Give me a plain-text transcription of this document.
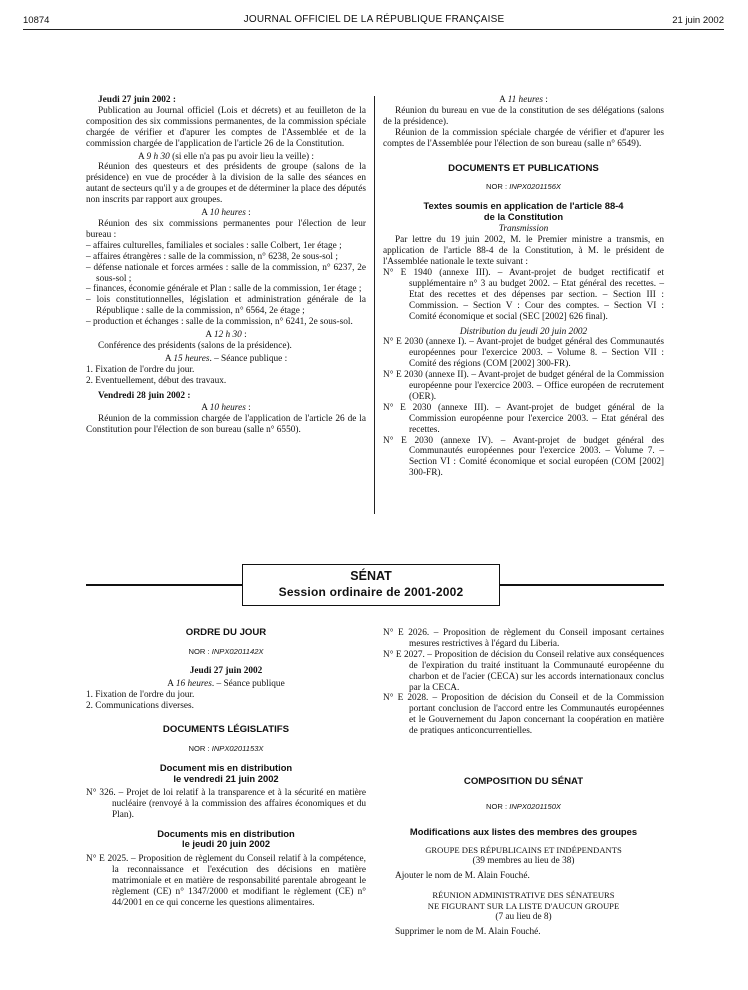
10874	JOURNAL OFFICIEL DE LA RÉPUBLIQUE FRANÇAISE	21 juin 2002

Jeudi 27 juin 2002 :

Publication au Journal officiel (Lois et décrets) et au feuilleton de la composition des six commissions permanentes, de la commission spéciale chargée de vérifier et d'apurer les comptes de l'Assemblée et de la commission chargée de l'application de l'article 26 de la Constitution.

A 9 h 30 (si elle n'a pas pu avoir lieu la veille) :

Réunion des questeurs et des présidents de groupe (salons de la présidence) en vue de procéder à la division de la salle des séances en autant de secteurs qu'il y a de groupes et de déterminer la place des députés non inscrits par rapport aux groupes.

A 10 heures :

Réunion des six commissions permanentes pour l'élection de leur bureau :

– affaires culturelles, familiales et sociales : salle Colbert, 1er étage ;
– affaires étrangères : salle de la commission, n° 6238, 2e sous-sol ;
– défense nationale et forces armées : salle de la commission, n° 6237, 2e sous-sol ;
– finances, économie générale et Plan : salle de la commission, 1er étage ;
– lois constitutionnelles, législation et administration générale de la République : salle de la commission, n° 6564, 2e étage ;
– production et échanges : salle de la commission, n° 6241, 2e sous-sol.

A 12 h 30 :

Conférence des présidents (salons de la présidence).

A 15 heures. – Séance publique :

1. Fixation de l'ordre du jour.
2. Eventuellement, début des travaux.

Vendredi 28 juin 2002 :

A 10 heures :

Réunion de la commission chargée de l'application de l'article 26 de la Constitution pour l'élection de son bureau (salle n° 6550).

A 11 heures :

Réunion du bureau en vue de la constitution de ses délégations (salons de la présidence).

Réunion de la commission spéciale chargée de vérifier et d'apurer les comptes de l'Assemblée pour l'élection de son bureau (salle n° 6549).

DOCUMENTS ET PUBLICATIONS

NOR : INPX0201156X

Textes soumis en application de l'article 88-4

de la Constitution

Transmission

Par lettre du 19 juin 2002, M. le Premier ministre a transmis, en application de l'article 88-4 de la Constitution, à M. le président de l'Assemblée nationale le texte suivant :

N° E 1940 (annexe III). – Avant-projet de budget rectificatif et supplémentaire n° 3 au budget 2002. – Etat général des recettes. – Etat des recettes et des dépenses par section. – Section III : Commission. – Section V : Cour des comptes. – Section VI : Comité économique et social (SEC [2002] 626 final).

Distribution du jeudi 20 juin 2002

N° E 2030 (annexe I). – Avant-projet de budget général des Communautés européennes pour l'exercice 2003. – Volume 8. – Section VII : Comité des régions (COM [2002] 300-FR).

N° E 2030 (annexe II). – Avant-projet de budget général de la Commission européenne pour l'exercice 2003. – Office européen de recrutement (OER).

N° E 2030 (annexe III). – Avant-projet de budget général de la Commission européenne pour l'exercice 2003. – Etat général des recettes.

N° E 2030 (annexe IV). – Avant-projet de budget général des Communautés européennes pour l'exercice 2003. – Volume 7. – Section VI : Comité économique et social européen (COM [2002] 300-FR).

SÉNAT
Session ordinaire de 2001-2002

ORDRE DU JOUR

NOR : INPX0201142X

Jeudi 27 juin 2002

A 16 heures. – Séance publique

1. Fixation de l'ordre du jour.
2. Communications diverses.

DOCUMENTS LÉGISLATIFS

NOR : INPX0201153X

Document mis en distribution

le vendredi 21 juin 2002

N° 326. – Projet de loi relatif à la transparence et à la sécurité en matière nucléaire (renvoyé à la commission des affaires économiques et du Plan).

Documents mis en distribution

le jeudi 20 juin 2002

N° E 2025. – Proposition de règlement du Conseil relatif à la compétence, la reconnaissance et l'exécution des décisions en matière matrimoniale et en matière de responsabilité parentale abrogeant le règlement (CE) n° 1347/2000 et modifiant le règlement (CE) n° 44/2001 en ce qui concerne les questions alimentaires.

N° E 2026. – Proposition de règlement du Conseil imposant certaines mesures restrictives à l'égard du Liberia.

N° E 2027. – Proposition de décision du Conseil relative aux conséquences de l'expiration du traité instituant la Communauté européenne du charbon et de l'acier (CECA) sur les accords internationaux conclus par la CECA.

N° E 2028. – Proposition de décision du Conseil et de la Commission portant conclusion de l'accord entre les Communautés européennes et le Gouvernement du Japon concernant la coopération en matière de pratiques anticoncurrentielles.

COMPOSITION DU SÉNAT

NOR : INPX0201150X

Modifications aux listes des membres des groupes

GROUPE DES RÉPUBLICAINS ET INDÉPENDANTS

(39 membres au lieu de 38)

Ajouter le nom de M. Alain Fouché.

RÉUNION ADMINISTRATIVE DES SÉNATEURS

NE FIGURANT SUR LA LISTE D'AUCUN GROUPE

(7 au lieu de 8)

Supprimer le nom de M. Alain Fouché.
